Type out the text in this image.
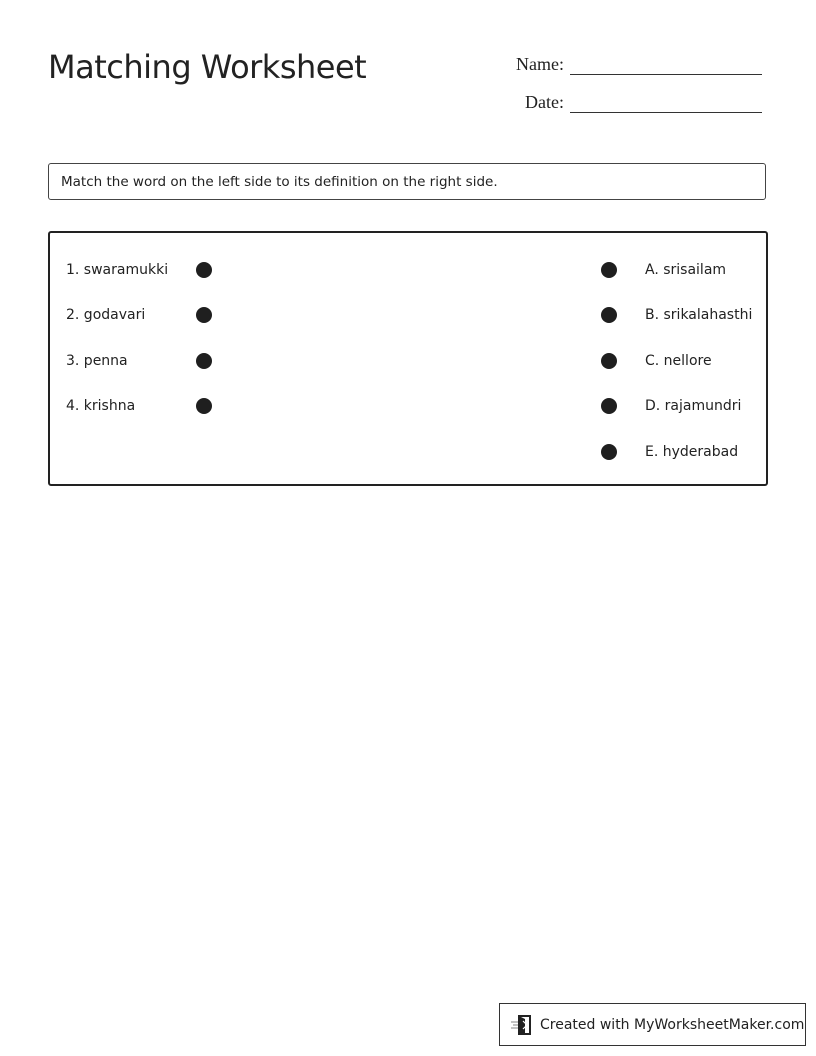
Matching Worksheet	Name:
Date:
Match the word on the left side to its definition on the right side.
1. swaramukki
2. godavari
3. penna
4. krishna
A. srisailam
B. srikalahasthi
C. nellore
D. rajamundri
E. hyderabad
Created with MyWorksheetMaker.com
